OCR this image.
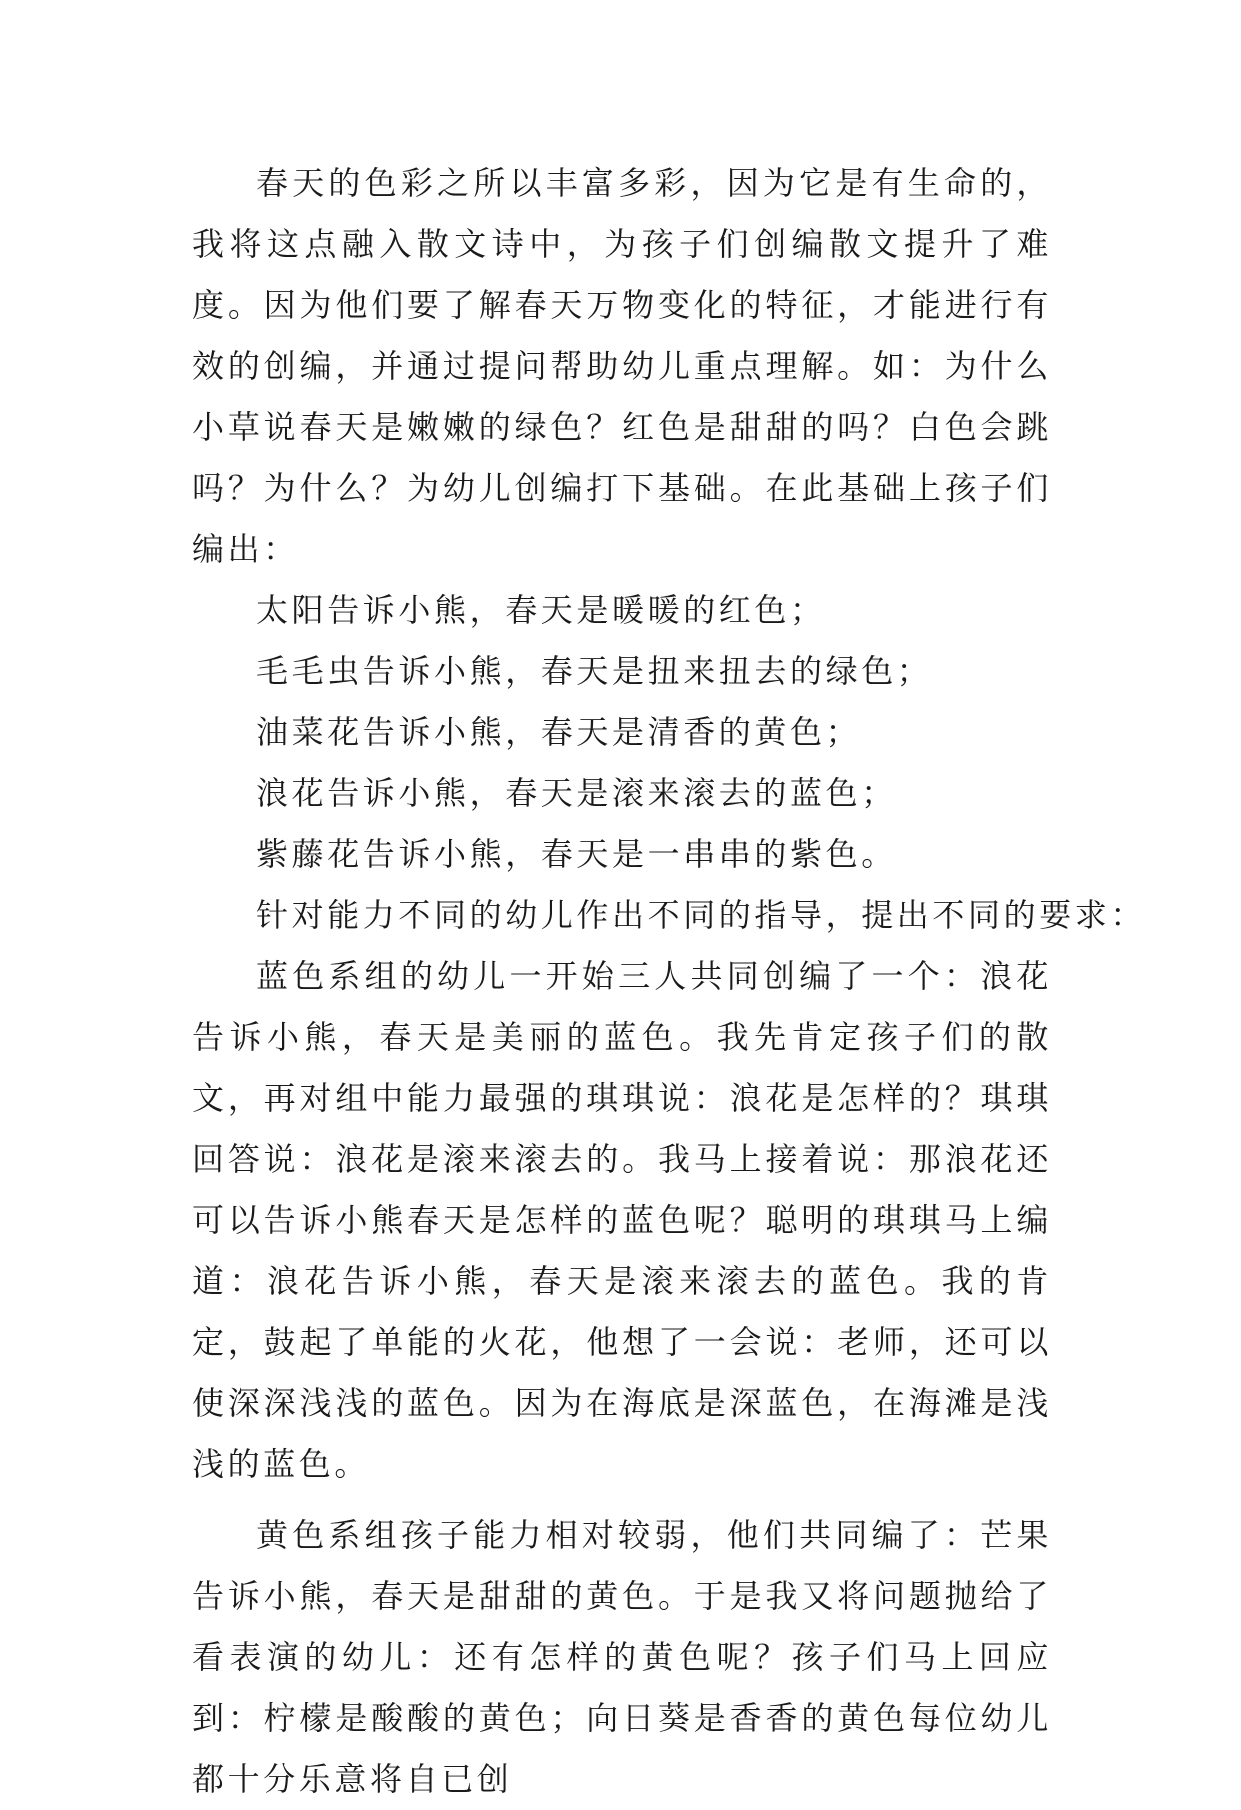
春天的色彩之所以丰富多彩，因为它是有生命的，我将这点融入散文诗中，为孩子们创编散文提升了难度。因为他们要了解春天万物变化的特征，才能进行有效的创编，并通过提问帮助幼儿重点理解。如：为什么小草说春天是嫩嫩的绿色？红色是甜甜的吗？白色会跳吗？为什么？为幼儿创编打下基础。在此基础上孩子们编出：

太阳告诉小熊，春天是暖暖的红色；

毛毛虫告诉小熊，春天是扭来扭去的绿色；

油菜花告诉小熊，春天是清香的黄色；

浪花告诉小熊，春天是滚来滚去的蓝色；

紫藤花告诉小熊，春天是一串串的紫色。

针对能力不同的幼儿作出不同的指导，提出不同的要求：

蓝色系组的幼儿一开始三人共同创编了一个：浪花告诉小熊，春天是美丽的蓝色。我先肯定孩子们的散文，再对组中能力最强的琪琪说：浪花是怎样的？琪琪回答说：浪花是滚来滚去的。我马上接着说：那浪花还可以告诉小熊春天是怎样的蓝色呢？聪明的琪琪马上编道：浪花告诉小熊，春天是滚来滚去的蓝色。我的肯定，鼓起了单能的火花，他想了一会说：老师，还可以使深深浅浅的蓝色。因为在海底是深蓝色，在海滩是浅浅的蓝色。

黄色系组孩子能力相对较弱，他们共同编了：芒果告诉小熊，春天是甜甜的黄色。于是我又将问题抛给了看表演的幼儿：还有怎样的黄色呢？孩子们马上回应到：柠檬是酸酸的黄色；向日葵是香香的黄色每位幼儿都十分乐意将自已创
